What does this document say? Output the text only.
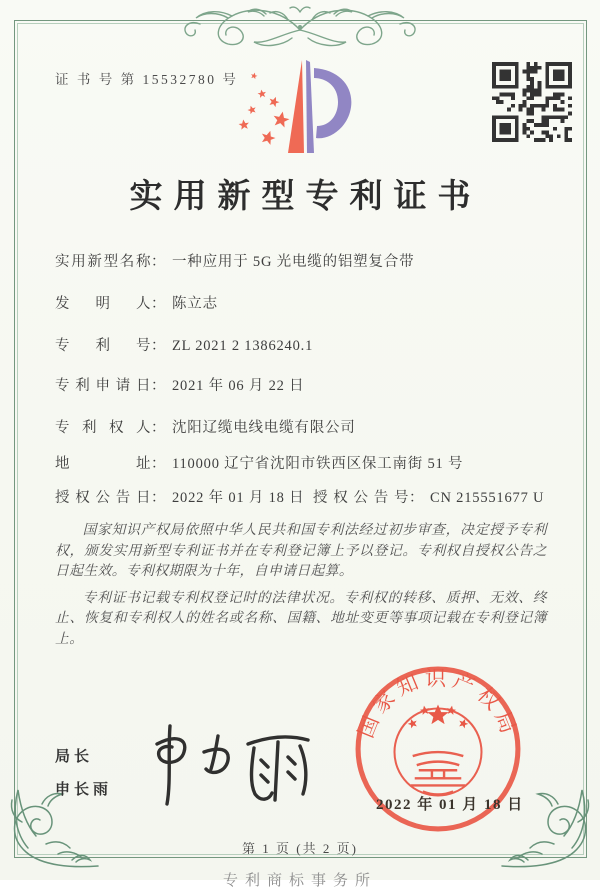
证 书 号 第 15532780 号
实用新型专利证书
实用新型名称： 一种应用于 5G 光电缆的铝塑复合带
发明人： 陈立志
专利号： ZL 2021 2 1386240.1
专利申请日： 2021 年 06 月 22 日
专利权人： 沈阳辽缆电线电缆有限公司
地址： 110000 辽宁省沈阳市铁西区保工南街 51 号
授权公告日： 2022 年 01 月 18 日 授权公告号： CN 215551677 U

国家知识产权局依照中华人民共和国专利法经过初步审查，决定授予专利权，颁发实用新型专利证书并在专利登记簿上予以登记。专利权自授权公告之日起生效。专利权期限为十年，自申请日起算。

专利证书记载专利权登记时的法律状况。专利权的转移、质押、无效、终止、恢复和专利权人的姓名或名称、国籍、地址变更等事项记载在专利登记簿上。

局长
申长雨
国家知识产权局
2022 年 01 月 18 日
第 1 页 (共 2 页)
专利商标事务所
